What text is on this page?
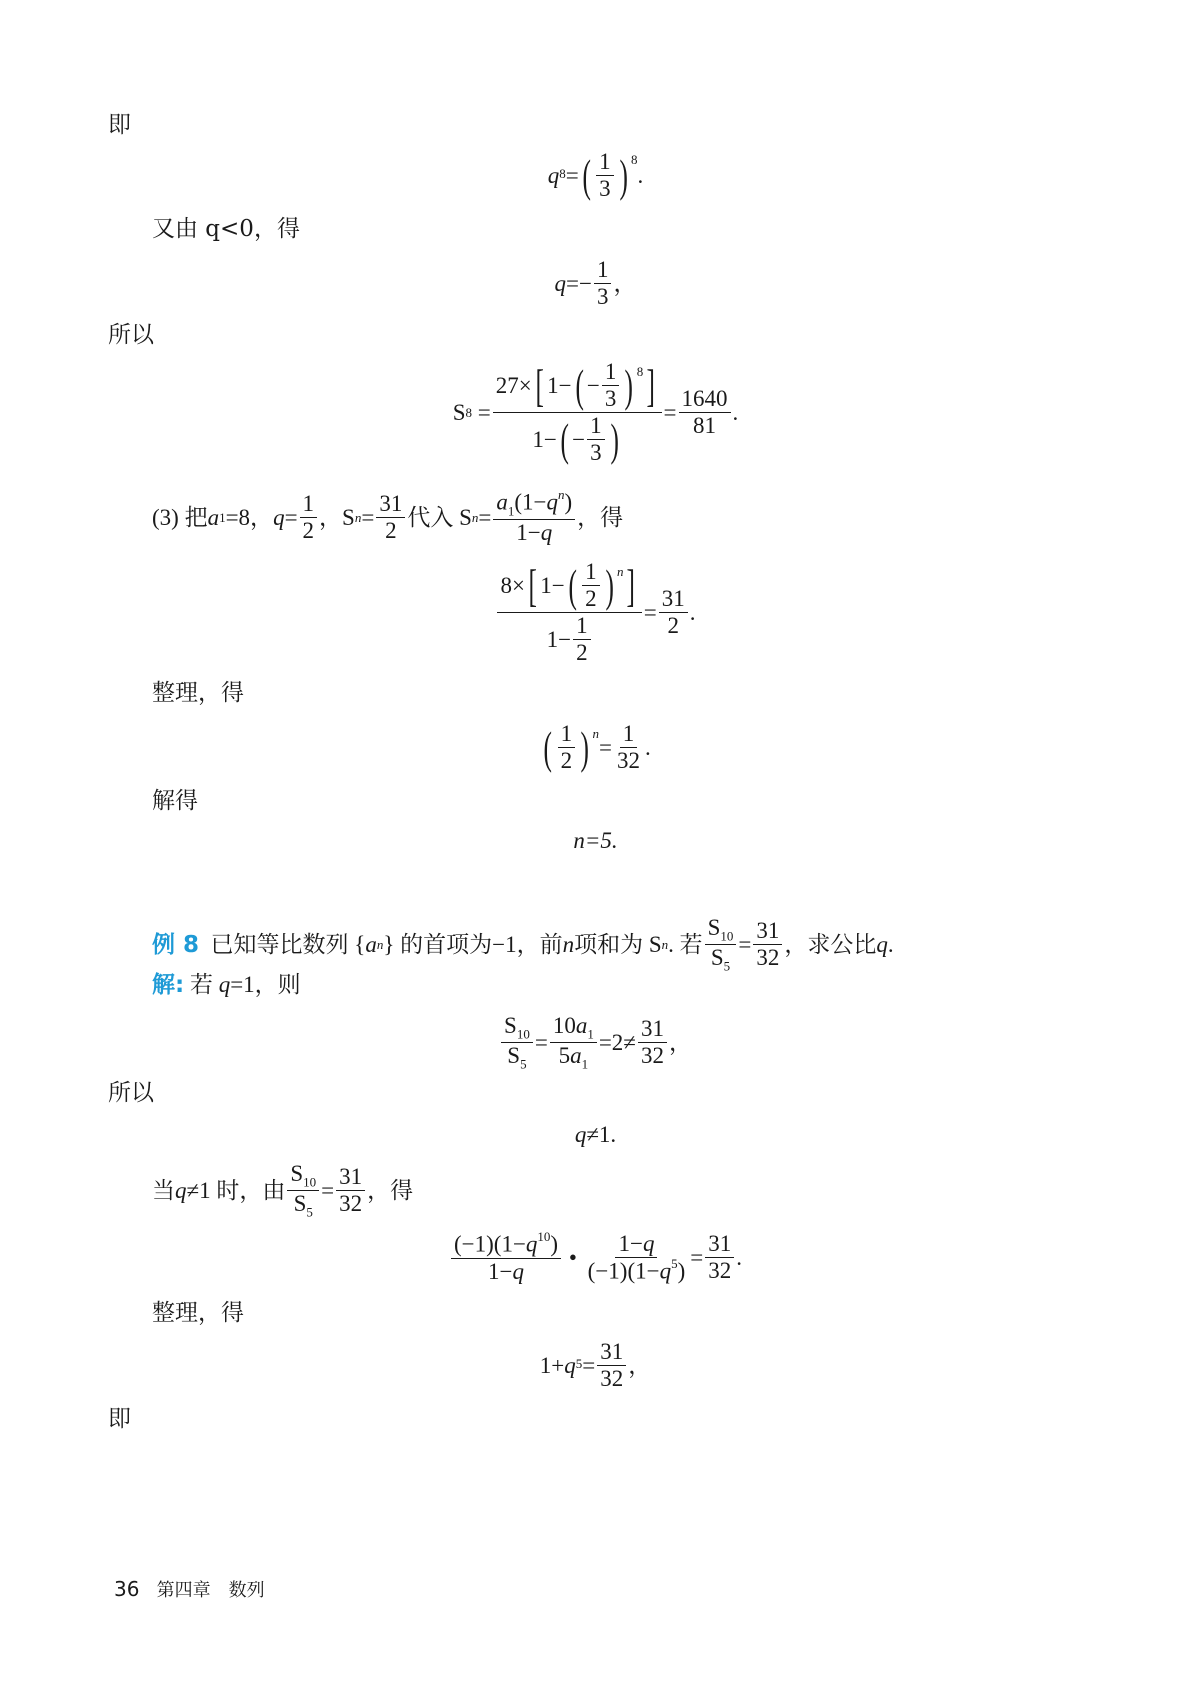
即
$q^8$ = ( $\frac{1}{3}$ ) $^8$
.
又由 q<0，得
$q =- \frac{1}{3}$ ，
所以
S $8 = \frac{27\times [ 1- ( - \frac{1}{3} ) ^8 ]}{1- ( - \frac{1}{3} )} = \frac{1640}{81}$ .
(3) 把 a 1 =8， $q = \frac{1}{2}$ ，S $n = \frac{31}{2}$ 代入 S $n = \frac{a_1(1-q^n)}{1-q}$ ，得
$\frac{8\times [ 1- ( \frac{1}{2} ) ^n ]}{1- \frac{1}{2}} = \frac{31}{2}$ .
整理，得
( $\frac{1}{2}$ ) $^n$
= $\frac{1}{32}$ .
解得
n=5.
例 8 已知等比数列 { a n } 的首项为−1，前 n 项和为 S n . 若 $\frac{S_{10}}{S_5} = \frac{31}{32}$ ，求公比 q .
解: 若 q=1，则
$\frac{S_{10}}{S_5} = \frac{10a_1}{5a_1} =2\ne \frac{31}{32}$ ，
所以
q≠1.
当 q ≠1 时，由 $\frac{S_{10}}{S_5} = \frac{31}{32}$ ，得
$\frac{(-1)(1-q^{10})}{1-q}$ • $\frac{1-q}{(-1)(1-q^5)} = \frac{31}{32}$ .
整理，得
$1+ q^5 = \frac{31}{32}$ ，
即
36 第四章　数列
